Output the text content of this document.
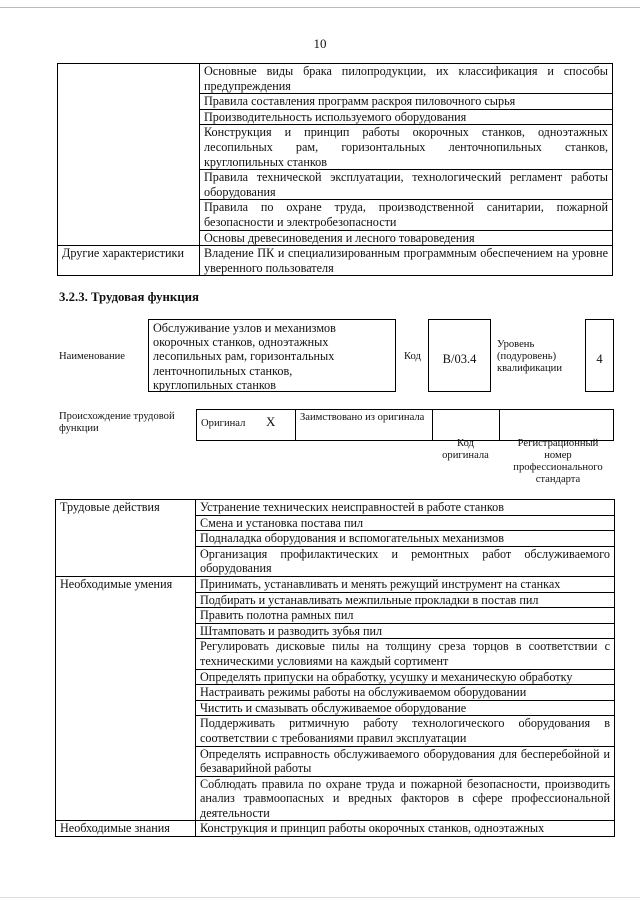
10
	Основные виды брака пилопродукции, их классификация и способы предупреждения
	Правила составления программ раскроя пиловочного сырья
	Производительность используемого оборудования
	Конструкция и принцип работы окорочных станков, одноэтажных лесопильных рам, горизонтальных ленточнопильных станков, круглопильных станков
	Правила технической эксплуатации, технологический регламент работы оборудования
	Правила по охране труда, производственной санитарии, пожарной безопасности и электробезопасности
	Основы древесиноведения и лесного товароведения
Другие характеристики	Владение ПК и специализированным программным обеспечением на уровне уверенного пользователя
3.2.3. Трудовая функция
Наименование
Обслуживание узлов и механизмов
окорочных станков, одноэтажных
лесопильных рам, горизонтальных
ленточнопильных станков,
круглопильных станков
Код	В/03.4
Уровень
(подуровень)
квалификации
4
Происхождение трудовой функции	Оригинал X	Заимствовано из оригинала		
Код
оригинала
Регистрационный
номер
профессионального
стандарта
Трудовые действия	Устранение технических неисправностей в работе станков
	Смена и установка постава пил
	Подналадка оборудования и вспомогательных механизмов
	Организация профилактических и ремонтных работ обслуживаемого оборудования
Необходимые умения	Принимать, устанавливать и менять режущий инструмент на станках
	Подбирать и устанавливать межпильные прокладки в постав пил
	Править полотна рамных пил
	Штамповать и разводить зубья пил
	Регулировать дисковые пилы на толщину среза торцов в соответствии с техническими условиями на каждый сортимент
	Определять припуски на обработку, усушку и механическую обработку
	Настраивать режимы работы на обслуживаемом оборудовании
	Чистить и смазывать обслуживаемое оборудование
	Поддерживать ритмичную работу технологического оборудования в соответствии с требованиями правил эксплуатации
	Определять исправность обслуживаемого оборудования для бесперебойной и безаварийной работы
	Соблюдать правила по охране труда и пожарной безопасности, производить анализ травмоопасных и вредных факторов в сфере профессиональной деятельности
Необходимые знания	Конструкция и принцип работы окорочных станков, одноэтажных
